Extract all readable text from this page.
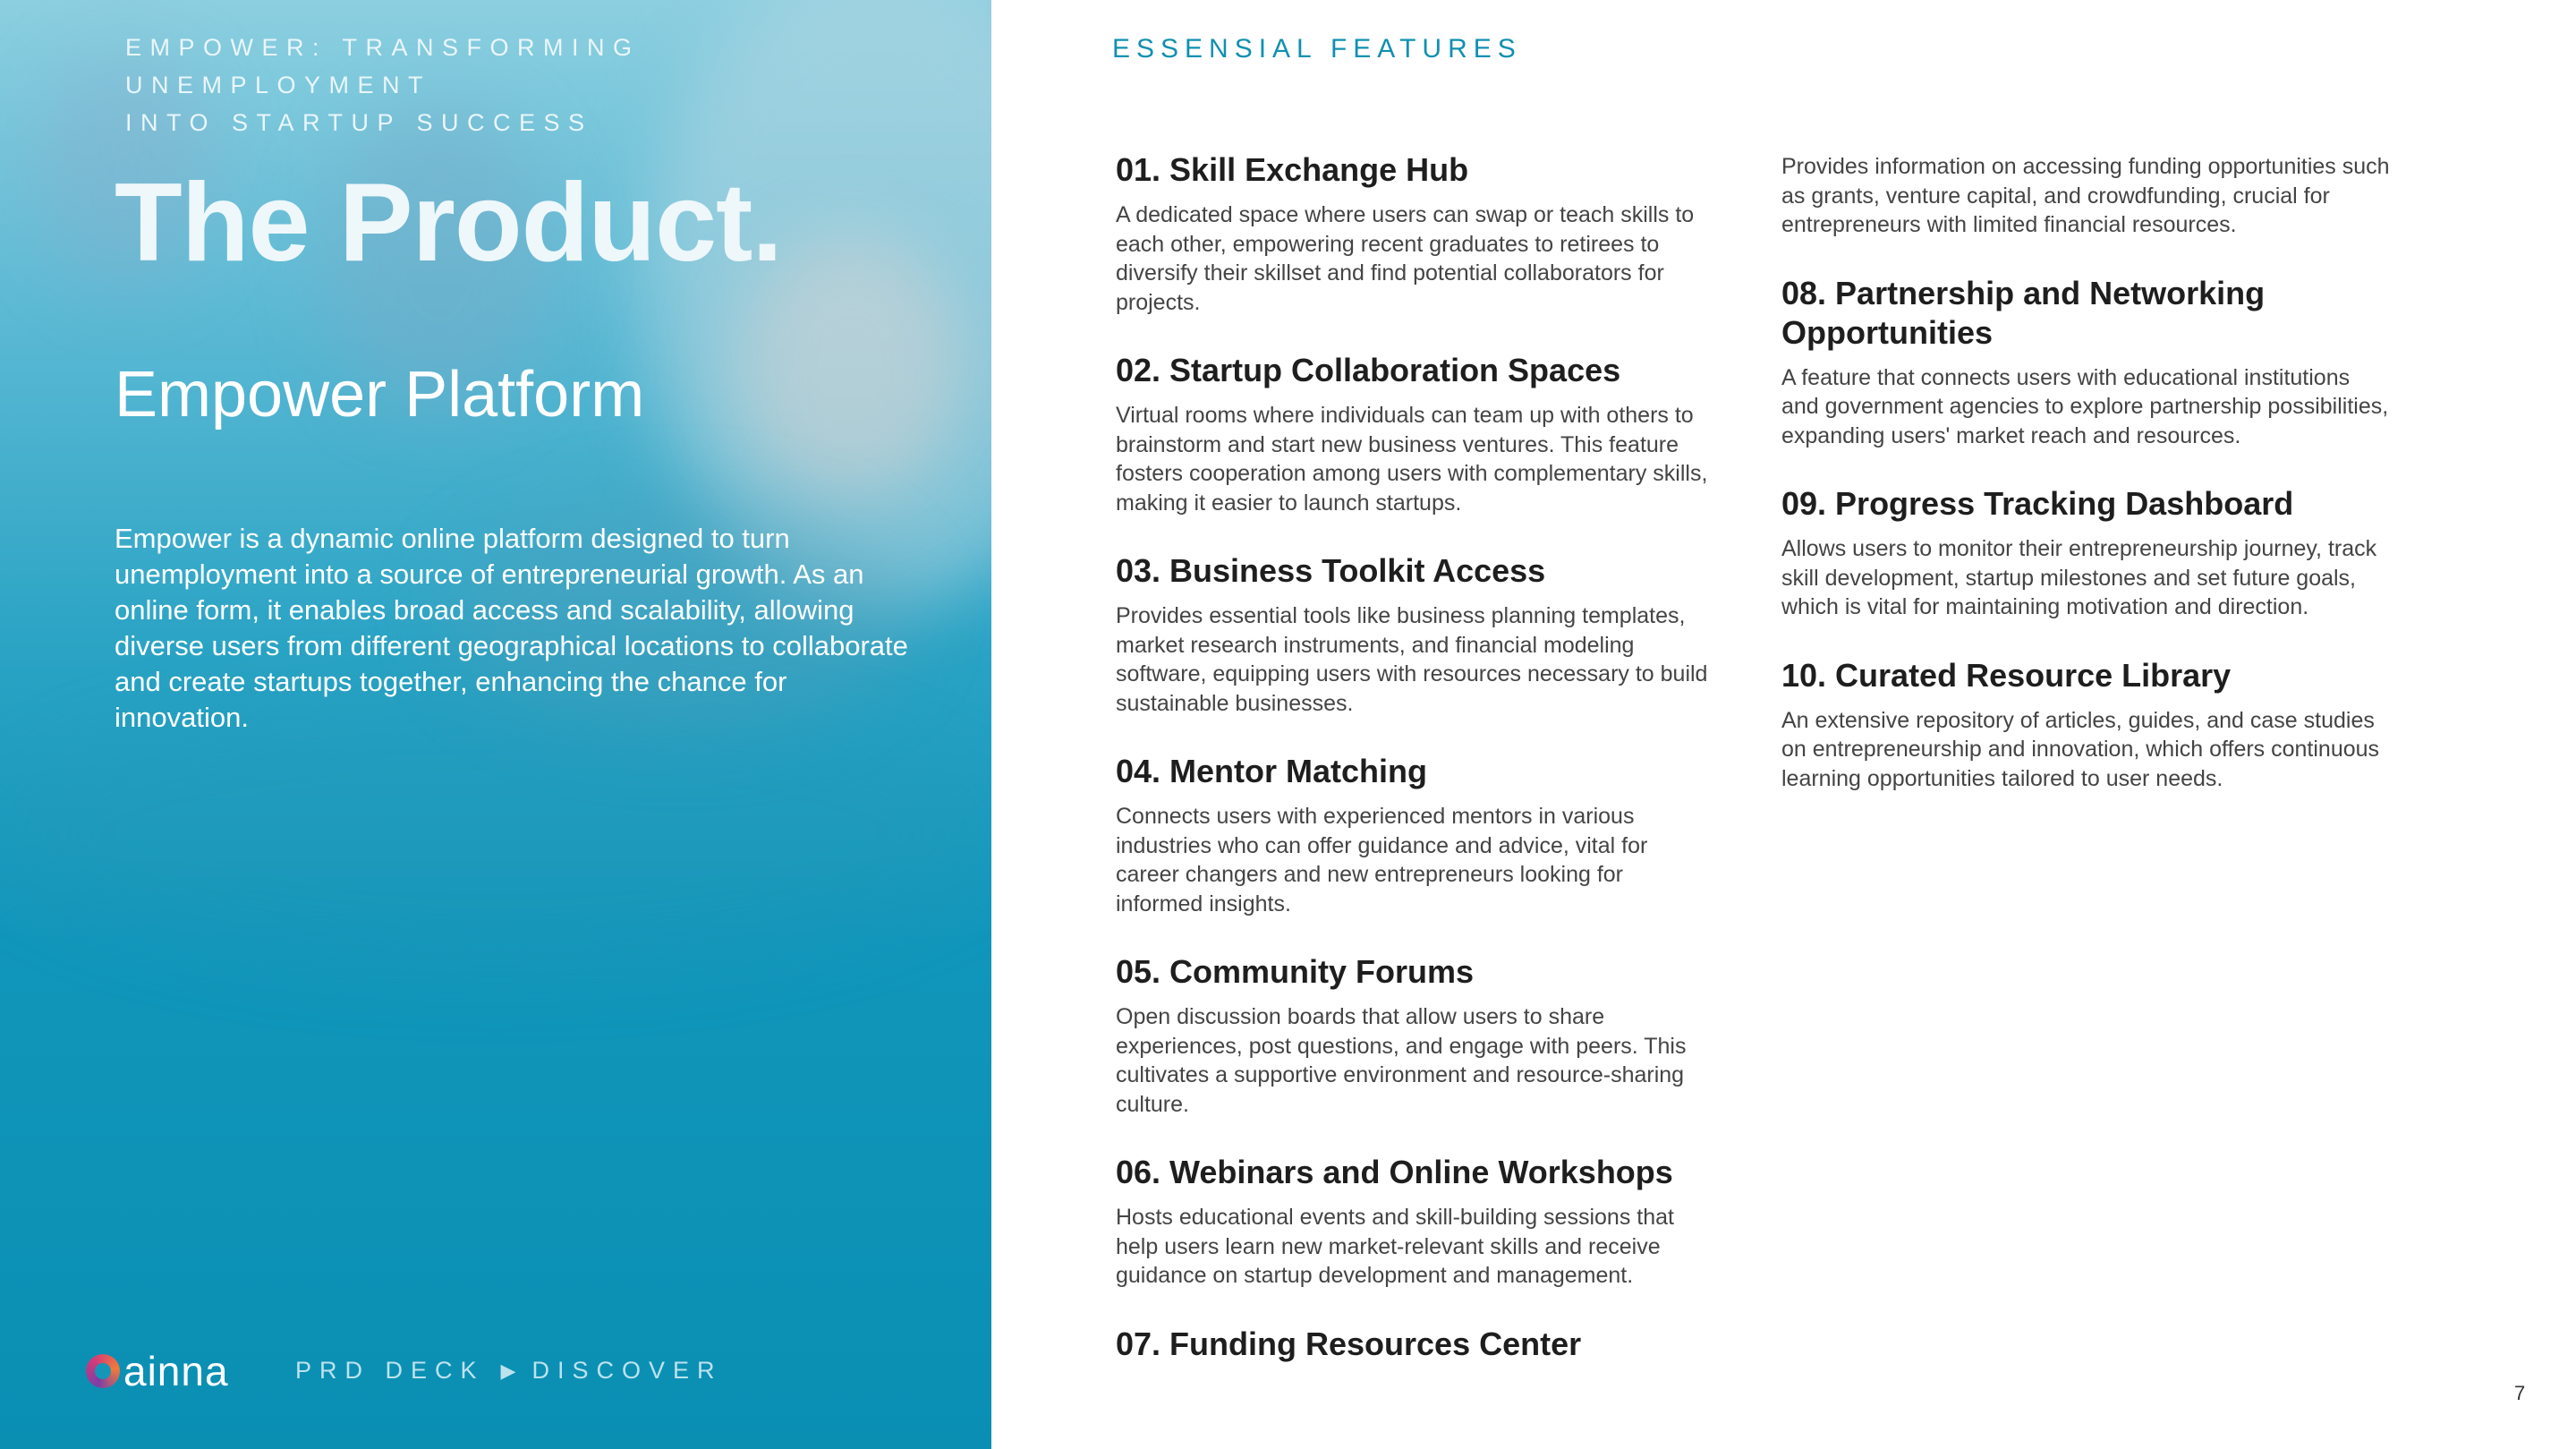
EMPOWER: TRANSFORMING UNEMPLOYMENT
INTO STARTUP SUCCESS
The Product.
Empower Platform

Empower is a dynamic online platform designed to turn unemployment into a source of entrepreneurial growth. As an online form, it enables broad access and scalability, allowing diverse users from different geographical locations to collaborate and create startups together, enhancing the chance for innovation.

ainna	PRD DECK ▶ DISCOVER
ESSENSIAL FEATURES
01. Skill Exchange Hub

A dedicated space where users can swap or teach skills to each other, empowering recent graduates to retirees to diversify their skillset and find potential collaborators for projects.

02. Startup Collaboration Spaces

Virtual rooms where individuals can team up with others to brainstorm and start new business ventures. This feature fosters cooperation among users with complementary skills, making it easier to launch startups.

03. Business Toolkit Access

Provides essential tools like business planning templates, market research instruments, and financial modeling software, equipping users with resources necessary to build sustainable businesses.

04. Mentor Matching

Connects users with experienced mentors in various industries who can offer guidance and advice, vital for career changers and new entrepreneurs looking for informed insights.

05. Community Forums

Open discussion boards that allow users to share experiences, post questions, and engage with peers. This cultivates a supportive environment and resource-sharing culture.

06. Webinars and Online Workshops

Hosts educational events and skill-building sessions that help users learn new market-relevant skills and receive guidance on startup development and management.

07. Funding Resources Center

Provides information on accessing funding opportunities such as grants, venture capital, and crowdfunding, crucial for entrepreneurs with limited financial resources.

08. Partnership and Networking Opportunities

A feature that connects users with educational institutions and government agencies to explore partnership possibilities, expanding users' market reach and resources.

09. Progress Tracking Dashboard

Allows users to monitor their entrepreneurship journey, track skill development, startup milestones and set future goals, which is vital for maintaining motivation and direction.

10. Curated Resource Library

An extensive repository of articles, guides, and case studies on entrepreneurship and innovation, which offers continuous learning opportunities tailored to user needs.

7
